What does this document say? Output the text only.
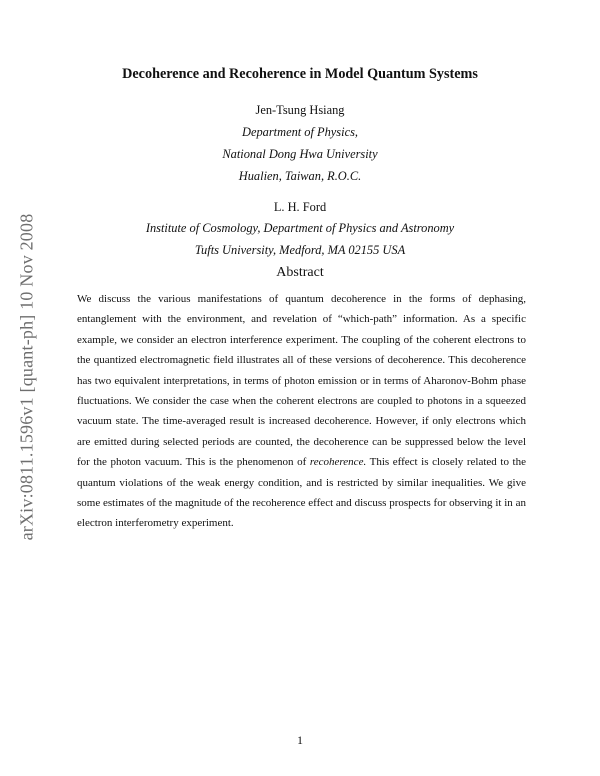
arXiv:0811.1596v1 [quant-ph] 10 Nov 2008
Decoherence and Recoherence in Model Quantum Systems
Jen-Tsung Hsiang
Department of Physics,
National Dong Hwa University
Hualien, Taiwan, R.O.C.
L. H. Ford
Institute of Cosmology, Department of Physics and Astronomy
Tufts University, Medford, MA 02155 USA
Abstract
We discuss the various manifestations of quantum decoherence in the forms of dephasing, entanglement with the environment, and revelation of “which-path” information. As a specific example, we consider an electron interference experiment. The coupling of the coherent electrons to the quantized electromagnetic field illustrates all of these versions of decoherence. This decoherence has two equivalent interpretations, in terms of photon emission or in terms of Aharonov-Bohm phase fluctuations. We consider the case when the coherent electrons are coupled to photons in a squeezed vacuum state. The time-averaged result is increased decoherence. However, if only electrons which are emitted during selected periods are counted, the decoherence can be suppressed below the level for the photon vacuum. This is the phenomenon of recoherence. This effect is closely related to the quantum violations of the weak energy condition, and is restricted by similar inequalities. We give some estimates of the magnitude of the recoherence effect and discuss prospects for observing it in an electron interferometry experiment.
1
